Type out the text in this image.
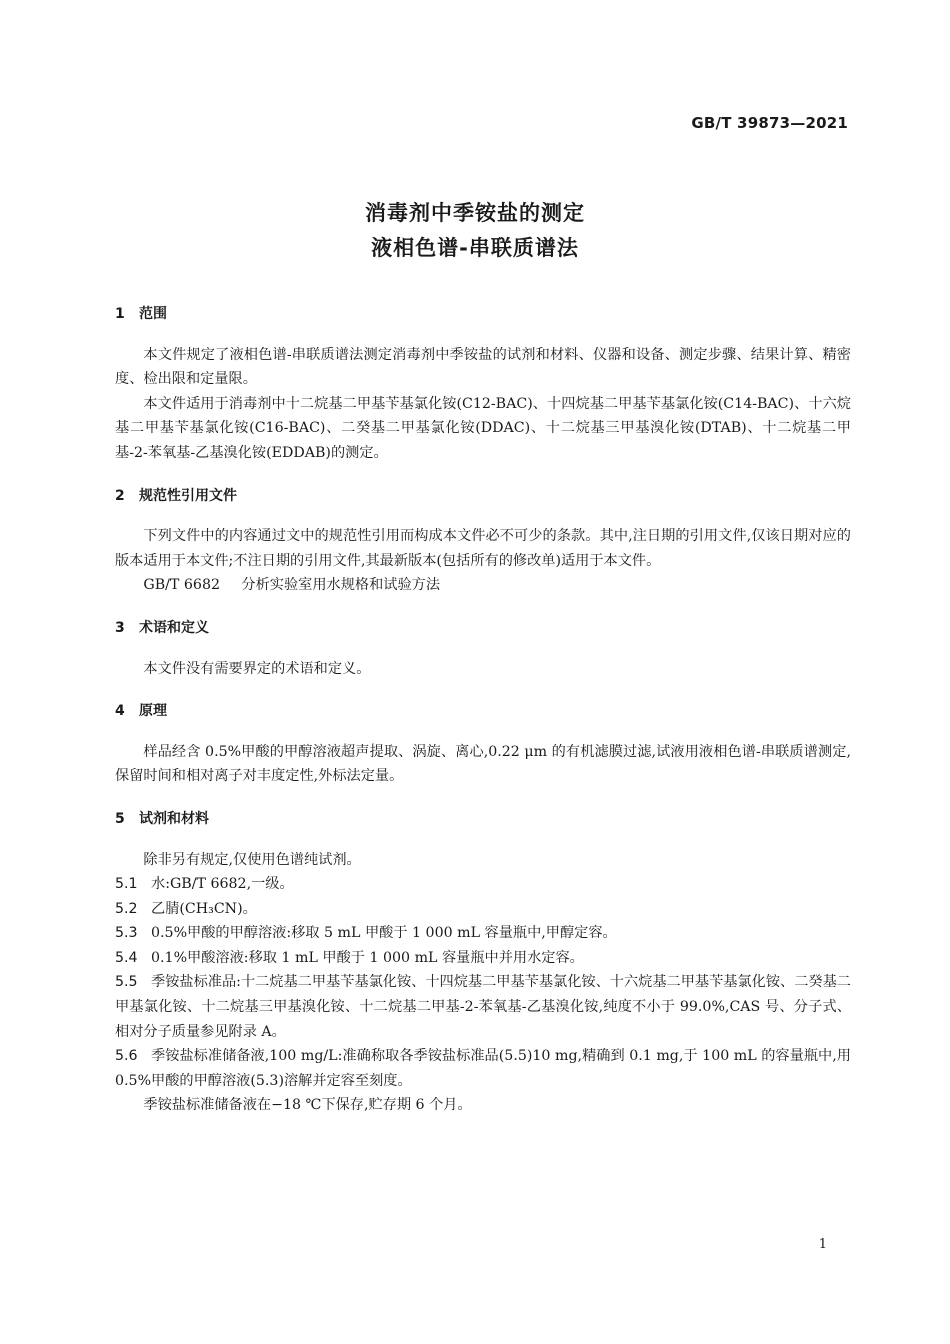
GB/T 39873—2021
消毒剂中季铵盐的测定
液相色谱-串联质谱法

1 范围

本文件规定了液相色谱-串联质谱法测定消毒剂中季铵盐的试剂和材料、仪器和设备、测定步骤、结果计算、精密度、检出限和定量限。

本文件适用于消毒剂中十二烷基二甲基苄基氯化铵(C12-BAC)、十四烷基二甲基苄基氯化铵(C14-BAC)、十六烷基二甲基苄基氯化铵(C16-BAC)、二癸基二甲基氯化铵(DDAC)、十二烷基三甲基溴化铵(DTAB)、十二烷基二甲基-2-苯氧基-乙基溴化铵(EDDAB)的测定。

2 规范性引用文件

下列文件中的内容通过文中的规范性引用而构成本文件必不可少的条款。其中,注日期的引用文件,仅该日期对应的版本适用于本文件;不注日期的引用文件,其最新版本(包括所有的修改单)适用于本文件。

GB/T 6682 分析实验室用水规格和试验方法

3 术语和定义

本文件没有需要界定的术语和定义。

4 原理

样品经含 0.5%甲酸的甲醇溶液超声提取、涡旋、离心,0.22 μm 的有机滤膜过滤,试液用液相色谱-串联质谱测定,保留时间和相对离子对丰度定性,外标法定量。

5 试剂和材料

除非另有规定,仅使用色谱纯试剂。

5.1 水:GB/T 6682,一级。

5.2 乙腈(CH₃CN)。

5.3 0.5%甲酸的甲醇溶液:移取 5 mL 甲酸于 1 000 mL 容量瓶中,甲醇定容。

5.4 0.1%甲酸溶液:移取 1 mL 甲酸于 1 000 mL 容量瓶中并用水定容。

5.5 季铵盐标准品:十二烷基二甲基苄基氯化铵、十四烷基二甲基苄基氯化铵、十六烷基二甲基苄基氯化铵、二癸基二甲基氯化铵、十二烷基三甲基溴化铵、十二烷基二甲基-2-苯氧基-乙基溴化铵,纯度不小于 99.0%,CAS 号、分子式、相对分子质量参见附录 A。

5.6 季铵盐标准储备液,100 mg/L:准确称取各季铵盐标准品(5.5)10 mg,精确到 0.1 mg,于 100 mL 的容量瓶中,用 0.5%甲酸的甲醇溶液(5.3)溶解并定容至刻度。

季铵盐标准储备液在−18 ℃下保存,贮存期 6 个月。

1
